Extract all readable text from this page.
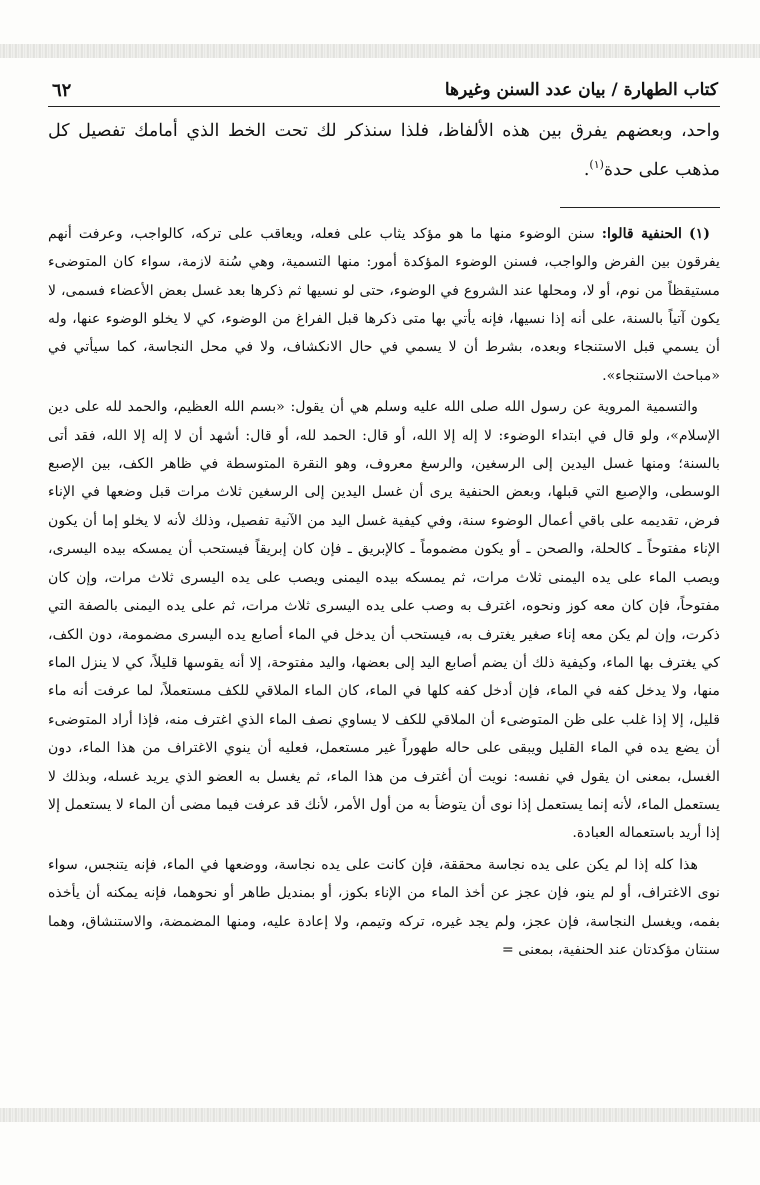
كتاب الطهارة / بيان عدد السنن وغيرها
٦٢
واحد، وبعضهم يفرق بين هذه الألفاظ، فلذا سنذكر لك تحت الخط الذي أمامك تفصيل كل مذهب على حدة$^{(١)}$.

(١) الحنفية قالوا: سنن الوضوء منها ما هو مؤكد يثاب على فعله، ويعاقب على تركه، كالواجب، وعرفت أنهم يفرقون بين الفرض والواجب، فسنن الوضوء المؤكدة أمور: منها التسمية، وهي سُنة لازمة، سواء كان المتوضىء مستيقظاً من نوم، أو لا، ومحلها عند الشروع في الوضوء، حتى لو نسيها ثم ذكرها بعد غسل بعض الأعضاء فسمى، لا يكون آتياً بالسنة، على أنه إذا نسيها، فإنه يأتي بها متى ذكرها قبل الفراغ من الوضوء، كي لا يخلو الوضوء عنها، وله أن يسمي قبل الاستنجاء وبعده، بشرط أن لا يسمي في حال الانكشاف، ولا في محل النجاسة، كما سيأتي في «مباحث الاستنجاء».

والتسمية المروية عن رسول الله صلى الله عليه وسلم هي أن يقول: «بسم الله العظيم، والحمد لله على دين الإسلام»، ولو قال في ابتداء الوضوء: لا إله إلا الله، أو قال: الحمد لله، أو قال: أشهد أن لا إله إلا الله، فقد أتى بالسنة؛ ومنها غسل اليدين إلى الرسغين، والرسغ معروف، وهو النقرة المتوسطة في ظاهر الكف، بين الإصبع الوسطى، والإصبع التي قبلها، وبعض الحنفية يرى أن غسل اليدين إلى الرسغين ثلاث مرات قبل وضعها في الإناء فرض، تقديمه على باقي أعمال الوضوء سنة، وفي كيفية غسل اليد من الآنية تفصيل، وذلك لأنه لا يخلو إما أن يكون الإناء مفتوحاً ـ كالحلة، والصحن ـ أو يكون مضموماً ـ كالإبريق ـ فإن كان إبريقاً فيستحب أن يمسكه بيده اليسرى، ويصب الماء على يده اليمنى ثلاث مرات، ثم يمسكه بيده اليمنى ويصب على يده اليسرى ثلاث مرات، وإن كان مفتوحاً، فإن كان معه كوز ونحوه، اغترف به وصب على يده اليسرى ثلاث مرات، ثم على يده اليمنى بالصفة التي ذكرت، وإن لم يكن معه إناء صغير يغترف به، فيستحب أن يدخل في الماء أصابع يده اليسرى مضمومة، دون الكف، كي يغترف بها الماء، وكيفية ذلك أن يضم أصابع اليد إلى بعضها، واليد مفتوحة، إلا أنه يقوسها قليلاً، كي لا ينزل الماء منها، ولا يدخل كفه في الماء، فإن أدخل كفه كلها في الماء، كان الماء الملاقي للكف مستعملاً، لما عرفت أنه ماء قليل، إلا إذا غلب على ظن المتوضىء أن الملاقي للكف لا يساوي نصف الماء الذي اغترف منه، فإذا أراد المتوضىء أن يضع يده في الماء القليل ويبقى على حاله طهوراً غير مستعمل، فعليه أن ينوي الاغتراف من هذا الماء، دون الغسل، بمعنى ان يقول في نفسه: نويت أن أغترف من هذا الماء، ثم يغسل به العضو الذي يريد غسله، وبذلك لا يستعمل الماء، لأنه إنما يستعمل إذا نوى أن يتوضأ به من أول الأمر، لأنك قد عرفت فيما مضى أن الماء لا يستعمل إلا إذا أريد باستعماله العبادة.

هذا كله إذا لم يكن على يده نجاسة محققة، فإن كانت على يده نجاسة، ووضعها في الماء، فإنه يتنجس، سواء نوى الاغتراف، أو لم ينو، فإن عجز عن أخذ الماء من الإناء بكوز، أو بمنديل طاهر أو نحوهما، فإنه يمكنه أن يأخذه بفمه، ويغسل النجاسة، فإن عجز، ولم يجد غيره، تركه وتيمم، ولا إعادة عليه، ومنها المضمضة، والاستنشاق، وهما سنتان مؤكدتان عند الحنفية، بمعنى =
